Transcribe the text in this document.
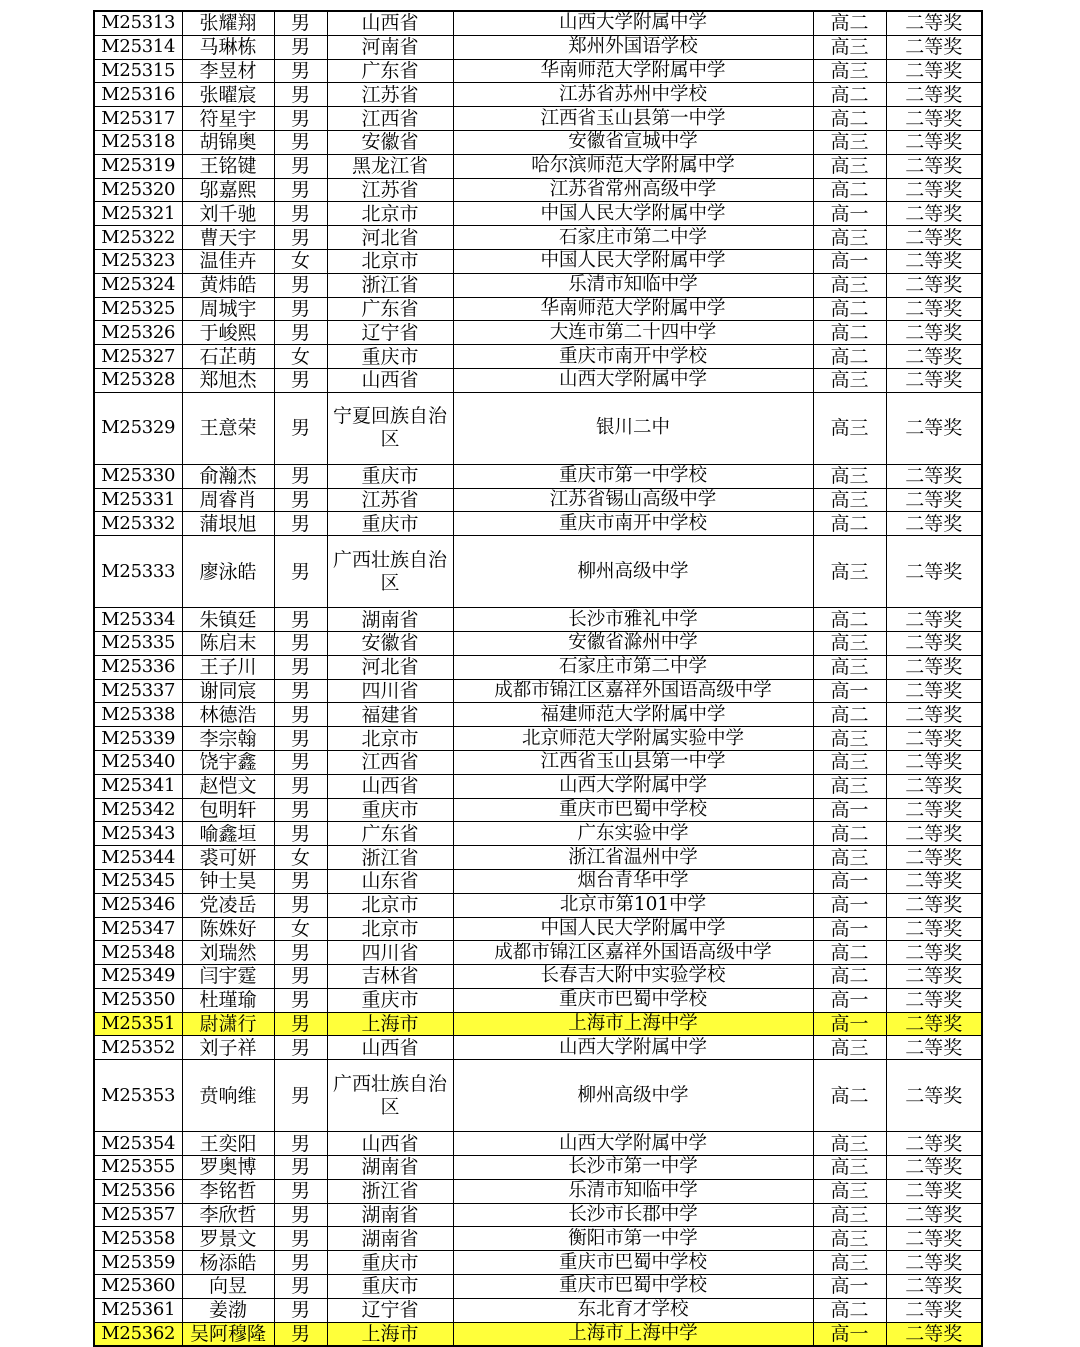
M25313	张耀翔	男	山西省	山西大学附属中学	高二	二等奖
M25314	马琳栋	男	河南省	郑州外国语学校	高三	二等奖
M25315	李昱材	男	广东省	华南师范大学附属中学	高三	二等奖
M25316	张曜宸	男	江苏省	江苏省苏州中学校	高二	二等奖
M25317	符星宇	男	江西省	江西省玉山县第一中学	高二	二等奖
M25318	胡锦奥	男	安徽省	安徽省宣城中学	高三	二等奖
M25319	王铭键	男	黑龙江省	哈尔滨师范大学附属中学	高三	二等奖
M25320	邬嘉熙	男	江苏省	江苏省常州高级中学	高二	二等奖
M25321	刘千驰	男	北京市	中国人民大学附属中学	高一	二等奖
M25322	曹天宇	男	河北省	石家庄市第二中学	高三	二等奖
M25323	温佳卉	女	北京市	中国人民大学附属中学	高一	二等奖
M25324	黄炜皓	男	浙江省	乐清市知临中学	高三	二等奖
M25325	周城宇	男	广东省	华南师范大学附属中学	高二	二等奖
M25326	于峻熙	男	辽宁省	大连市第二十四中学	高二	二等奖
M25327	石芷萌	女	重庆市	重庆市南开中学校	高二	二等奖
M25328	郑旭杰	男	山西省	山西大学附属中学	高三	二等奖
M25329	王意荣	男	宁夏回族自治区	银川二中	高三	二等奖
M25330	俞瀚杰	男	重庆市	重庆市第一中学校	高三	二等奖
M25331	周睿肖	男	江苏省	江苏省锡山高级中学	高三	二等奖
M25332	蒲垠旭	男	重庆市	重庆市南开中学校	高二	二等奖
M25333	廖泳皓	男	广西壮族自治区	柳州高级中学	高三	二等奖
M25334	朱镇廷	男	湖南省	长沙市雅礼中学	高二	二等奖
M25335	陈启末	男	安徽省	安徽省滁州中学	高三	二等奖
M25336	王子川	男	河北省	石家庄市第二中学	高三	二等奖
M25337	谢同宸	男	四川省	成都市锦江区嘉祥外国语高级中学	高一	二等奖
M25338	林德浩	男	福建省	福建师范大学附属中学	高二	二等奖
M25339	李宗翰	男	北京市	北京师范大学附属实验中学	高三	二等奖
M25340	饶宇鑫	男	江西省	江西省玉山县第一中学	高三	二等奖
M25341	赵恺文	男	山西省	山西大学附属中学	高三	二等奖
M25342	包明轩	男	重庆市	重庆市巴蜀中学校	高一	二等奖
M25343	喻鑫垣	男	广东省	广东实验中学	高二	二等奖
M25344	裘可妍	女	浙江省	浙江省温州中学	高三	二等奖
M25345	钟士昊	男	山东省	烟台青华中学	高一	二等奖
M25346	党凌岳	男	北京市	北京市第101中学	高一	二等奖
M25347	陈姝好	女	北京市	中国人民大学附属中学	高一	二等奖
M25348	刘瑞然	男	四川省	成都市锦江区嘉祥外国语高级中学	高二	二等奖
M25349	闫宇霆	男	吉林省	长春吉大附中实验学校	高二	二等奖
M25350	杜瑾瑜	男	重庆市	重庆市巴蜀中学校	高一	二等奖
M25351	尉潇行	男	上海市	上海市上海中学	高一	二等奖
M25352	刘子祥	男	山西省	山西大学附属中学	高三	二等奖
M25353	贲响维	男	广西壮族自治区	柳州高级中学	高二	二等奖
M25354	王奕阳	男	山西省	山西大学附属中学	高三	二等奖
M25355	罗奥博	男	湖南省	长沙市第一中学	高三	二等奖
M25356	李铭哲	男	浙江省	乐清市知临中学	高三	二等奖
M25357	李欣哲	男	湖南省	长沙市长郡中学	高三	二等奖
M25358	罗景文	男	湖南省	衡阳市第一中学	高三	二等奖
M25359	杨添皓	男	重庆市	重庆市巴蜀中学校	高三	二等奖
M25360	向昱	男	重庆市	重庆市巴蜀中学校	高一	二等奖
M25361	姜渤	男	辽宁省	东北育才学校	高二	二等奖
M25362	吴阿穆隆	男	上海市	上海市上海中学	高一	二等奖
